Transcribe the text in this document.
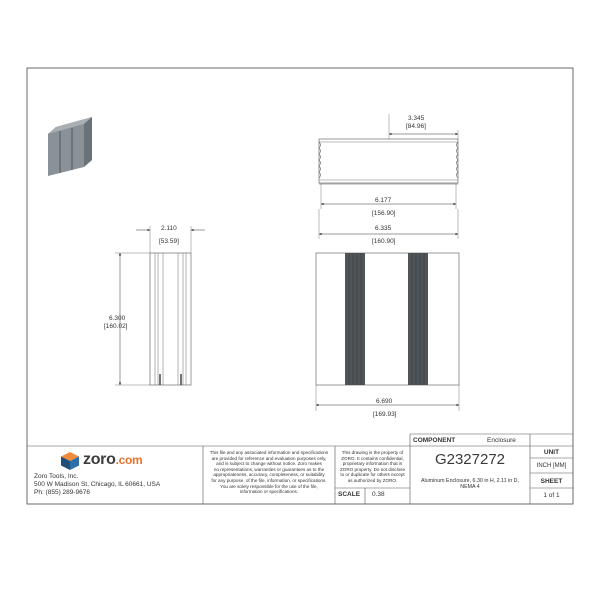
3.345
[84.96]
6.177
[156.90]
6.335
[160.90]
2.110
[53.59]
6.300
[160.02]
6.690
[169.93]
zoro.com
Zoro Tools, Inc.
500 W Madison St, Chicago, IL 60661, USA
Ph: (855) 289-9676
This file and any associated information and specifications
are provided for reference and evaluation purposes only,
and is subject to change without notice. Zoro makes
no representations, warranties or guarantees as to the
appropriateness, accuracy, completeness, or suitability
for any purpose, of the file, information, or specifications.
You are solely responsible for the use of the file,
information or specifications.
This drawing is the property of
ZORO. It contains confidential,
proprietary information that is
ZORO property. Do not disclose
to or duplicate for others except
as authorized by ZORO.
SCALE 0.38
COMPONENT	Enclosure
G2327272
Aluminum Enclosure, 6.30 in H, 2.11 in D,
NEMA 4
UNIT
INCH [MM]
SHEET
1 of 1
